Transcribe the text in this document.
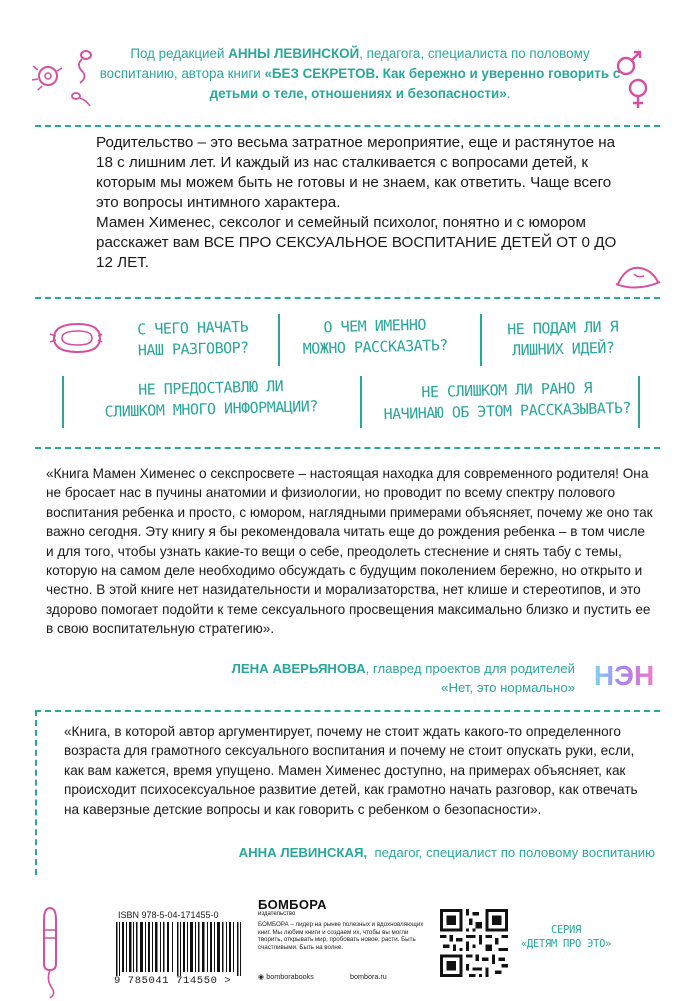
Под редакцией АННЫ ЛЕВИНСКОЙ, педагога, специалиста по половому воспитанию, автора книги «БЕЗ СЕКРЕТОВ. Как бережно и уверенно говорить с детьми о теле, отношениях и безопасности».

Родительство – это весьма затратное мероприятие, еще и растянутое на 18 с лишним лет. И каждый из нас сталкивается с вопросами детей, к которым мы можем быть не готовы и не знаем, как ответить. Чаще всего это вопросы интимного характера.

Мамен Хименес, сексолог и семейный психолог, понятно и с юмором расскажет вам ВСЕ ПРО СЕКСУАЛЬНОЕ ВОСПИТАНИЕ ДЕТЕЙ ОТ 0 ДО 12 ЛЕТ.

С ЧЕГО НАЧАТЬ
НАШ РАЗГОВОР?
О ЧЕМ ИМЕННО
МОЖНО РАССКАЗАТЬ?
НЕ ПОДАМ ЛИ Я
ЛИШНИХ ИДЕЙ?
НЕ ПРЕДОСТАВЛЮ ЛИ
СЛИШКОМ МНОГО ИНФОРМАЦИИ?
НЕ СЛИШКОМ ЛИ РАНО Я
НАЧИНАЮ ОБ ЭТОМ РАССКАЗЫВАТЬ?
«Книга Мамен Хименес о секспросвете – настоящая находка для современного родителя! Она не бросает нас в пучины анатомии и физиологии, но проводит по всему спектру полового воспитания ребенка и просто, с юмором, наглядными примерами объясняет, почему же оно так важно сегодня. Эту книгу я бы рекомендовала читать еще до рождения ребенка – в том числе и для того, чтобы узнать какие-то вещи о себе, преодолеть стеснение и снять табу с темы, которую на самом деле необходимо обсуждать с будущим поколением бережно, но открыто и честно. В этой книге нет назидательности и морализаторства, нет клише и стереотипов, и это здорово помогает подойти к теме сексуального просвещения максимально близко и пустить ее в свою воспитательную стратегию».
ЛЕНА АВЕРЬЯНОВА, главред проектов для родителей
«Нет, это нормально» НЭН
«Книга, в которой автор аргументирует, почему не стоит ждать какого-то определенного возраста для грамотного сексуального воспитания и почему не стоит опускать руки, если, как вам кажется, время упущено. Мамен Хименес доступно, на примерах объясняет, как происходит психосексуальное развитие детей, как грамотно начать разговор, как отвечать на каверзные детские вопросы и как говорить с ребенком о безопасности».
АННА ЛЕВИНСКАЯ, педагог, специалист по половому воспитанию
ISBN 978-5-04-171455-0
9 785041 714550 >
БОМБОРА
издательство
БОМБОРА – лидер на рынке полезных и вдохновляющих книг. Мы любим книги и создаем их, чтобы вы могли творить, открывать мир, пробовать новое, расти. Быть счастливыми. Быть на волне.
◉ bomborabooks	bombora.ru
СЕРИЯ
«ДЕТЯМ ПРО ЭТО»
